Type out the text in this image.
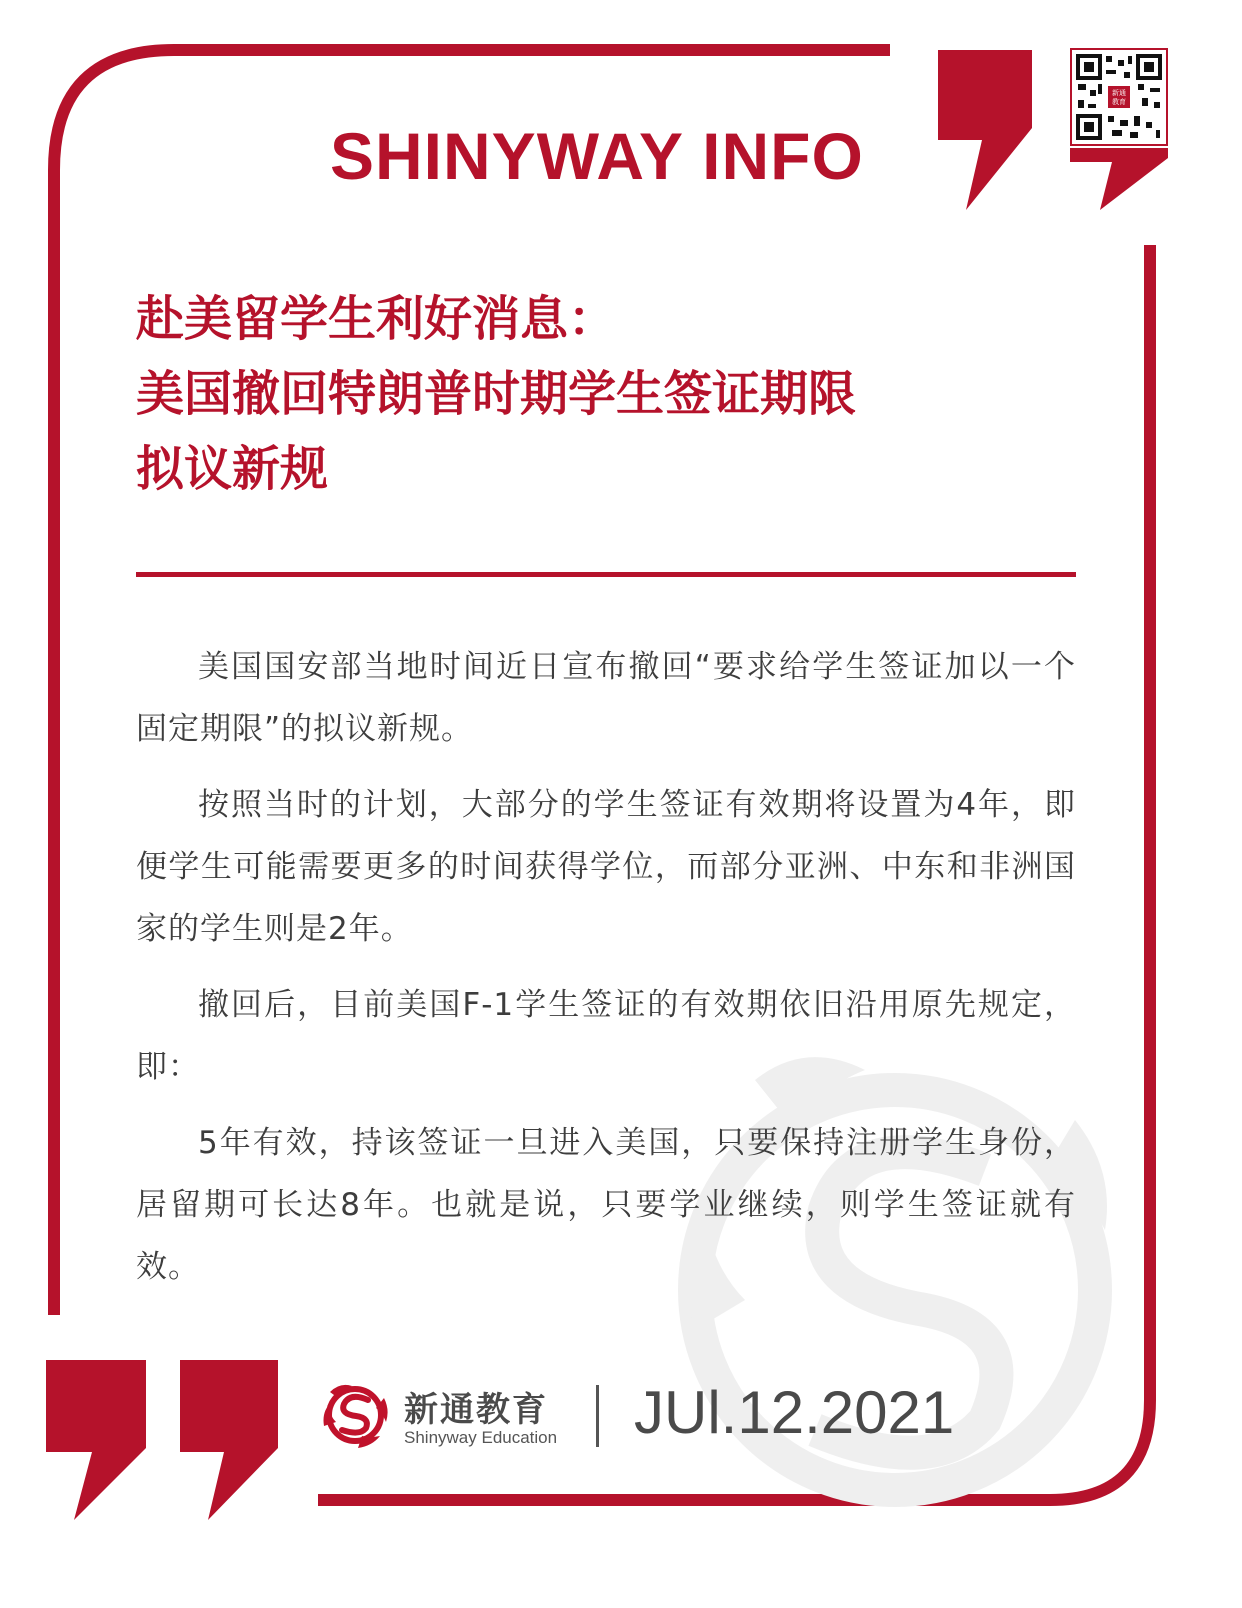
SHINYWAY INFO
新通
教育
赴美留学生利好消息：
美国撤回特朗普时期学生签证期限
拟议新规

美国国安部当地时间近日宣布撤回“要求给学生签证加以一个固定期限”的拟议新规。

按照当时的计划，大部分的学生签证有效期将设置为4年，即便学生可能需要更多的时间获得学位，而部分亚洲、中东和非洲国家的学生则是2年。

撤回后，目前美国F-1学生签证的有效期依旧沿用原先规定，即：

5年有效，持该签证一旦进入美国，只要保持注册学生身份，居留期可长达8年。也就是说，只要学业继续，则学生签证就有效。

新通教育
Shinyway Education JUl.12.2021
